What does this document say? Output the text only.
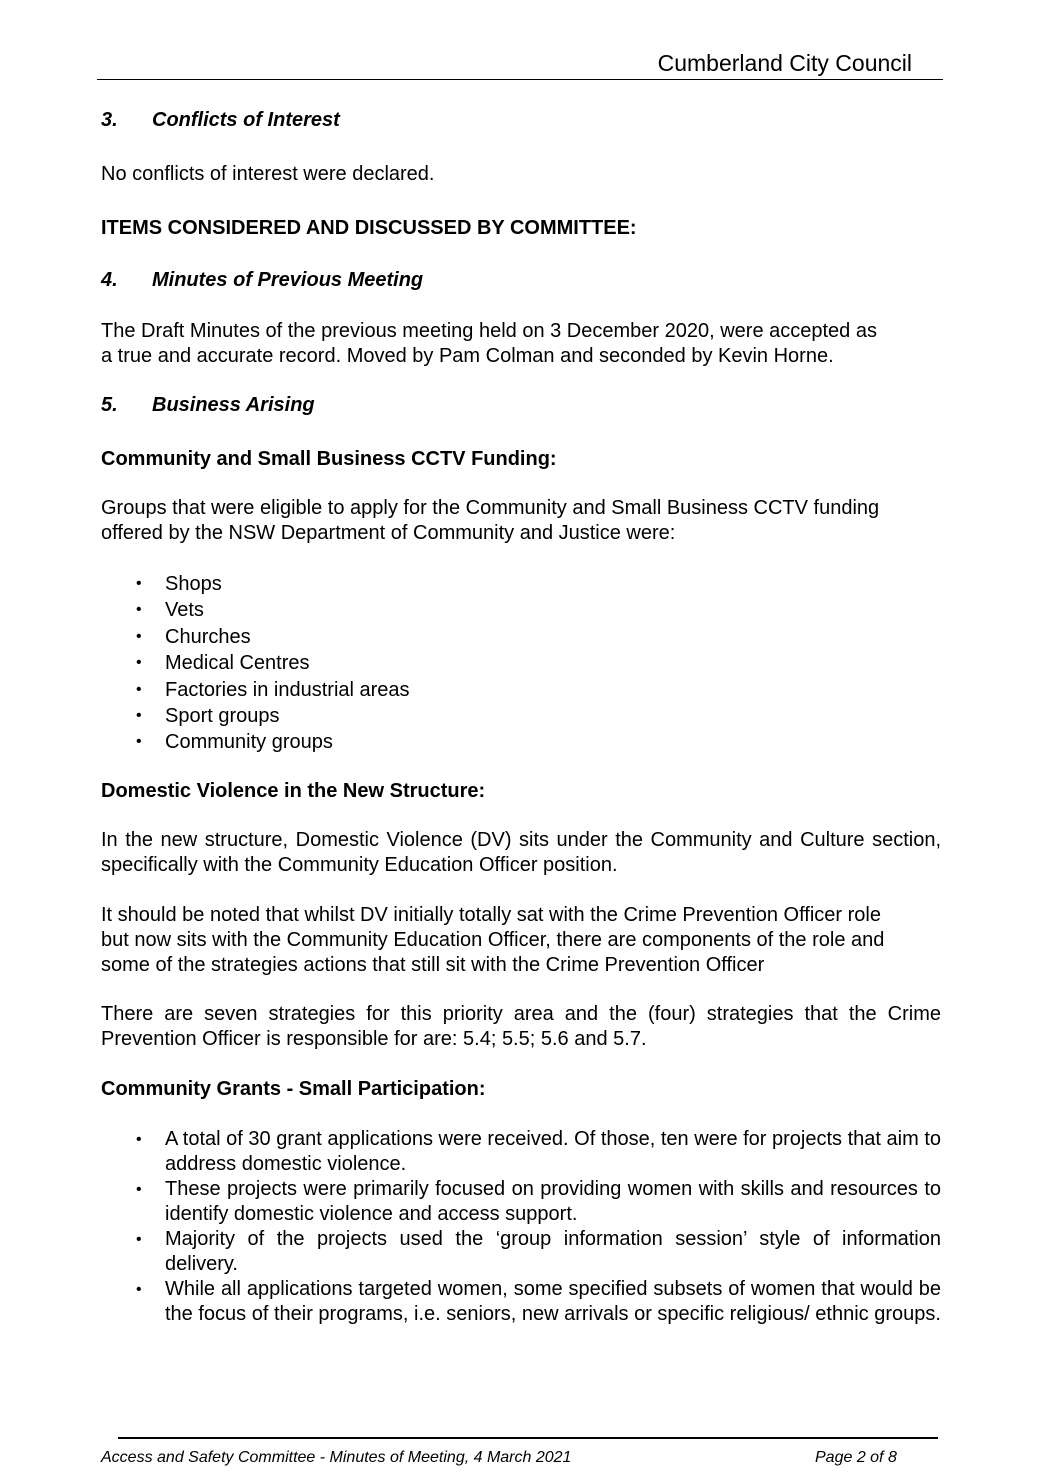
Cumberland City Council
3. Conflicts of Interest
No conflicts of interest were declared.
ITEMS CONSIDERED AND DISCUSSED BY COMMITTEE:
4. Minutes of Previous Meeting
The Draft Minutes of the previous meeting held on 3 December 2020, were accepted as
a true and accurate record. Moved by Pam Colman and seconded by Kevin Horne.
5. Business Arising
Community and Small Business CCTV Funding:
Groups that were eligible to apply for the Community and Small Business CCTV funding
offered by the NSW Department of Community and Justice were:
• Shops
• Vets
• Churches
• Medical Centres
• Factories in industrial areas
• Sport groups
• Community groups
Domestic Violence in the New Structure:
In the new structure, Domestic Violence (DV) sits under the Community and Culture section, specifically with the Community Education Officer position.
It should be noted that whilst DV initially totally sat with the Crime Prevention Officer role
but now sits with the Community Education Officer, there are components of the role and
some of the strategies actions that still sit with the Crime Prevention Officer
There are seven strategies for this priority area and the (four) strategies that the Crime Prevention Officer is responsible for are: 5.4; 5.5; 5.6 and 5.7.
Community Grants - Small Participation:
• A total of 30 grant applications were received. Of those, ten were for projects that aim to address domestic violence.
• These projects were primarily focused on providing women with skills and resources to identify domestic violence and access support.
• Majority of the projects used the ‘group information session’ style of information delivery.
• While all applications targeted women, some specified subsets of women that would be the focus of their programs, i.e. seniors, new arrivals or specific religious/ ethnic groups.
Access and Safety Committee - Minutes of Meeting, 4 March 2021	Page 2 of 8
